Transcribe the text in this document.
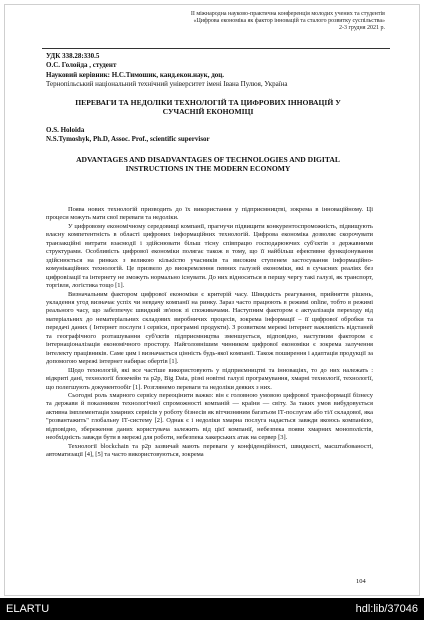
II міжнародна науково-практична конференція молодих учених та студентів
«Цифрова економіка як фактор інновацій та сталого розвитку суспільства»
2-3 грудня 2021 р.
УДК 338.28:330.5
О.С. Голойда , студент
Науковий керівник: Н.С.Тимошик, канд.екон.наук, доц.
Тернопільський національний технічний університет імені Івана Пулюя, Україна
ПЕРЕВАГИ ТА НЕДОЛІКИ ТЕХНОЛОГІЙ ТА ЦИФРОВИХ ІННОВАЦІЙ У
СУЧАСНІЙ ЕКОНОМІЦІ
O.S. Holoida
N.S.Tymoshyk, Ph.D, Assoc. Prof., scientific supervisor
ADVANTAGES AND DISADVANTAGES OF TECHNOLOGIES AND DIGITAL
INSTRUCTIONS IN THE MODERN ECONOMY

Поява нових технологій призводить до їх використання у підприємництві, зокрема в інноваційному. Ці процеси можуть мати свої переваги та недоліки.

У цифровому економічному середовищі компанії, прагнучи підвищити конкурентоспроможність, підвищують власну компетентність в області цифрових інформаційних технологій. Цифрова економіка дозволяє скорочувати транзакційні витрати взаємодії і здійснювати більш тісну співпрацю господарюючих суб'єктів з державними структурами. Особливість цифрової економіки полягає також в тому, що її найбільш ефективне функціонування здійснюється на ринках з великою кількістю учасників та високим ступенем застосування інформаційно-комунікаційних технологій. Це призвело до виокремлення певних галузей економіки, які в сучасних реаліях без цифровізації та інтернету не зможуть нормально існувати. До них відносяться в першу чергу такі галузі, як транспорт, торгівля, логістика тощо [1].

Визначальним фактором цифрової економіки є критерій часу. Швидкість реагування, прийняття рішень, укладення угод визначає успіх чи невдачу компанії на ринку. Зараз часто працюють в режимі online, тобто в режимі реального часу, що забезпечує швидкий зв'язок зі споживачами. Наступним фактором є актуалізація переходу від матеріальних до нематеріальних складових виробничих процесів, зокрема інформації – її цифрової обробки та передачі даних ( Інтернет послуги і сервіси, програмні продукти). З розвитком мережі інтернет важливість відстаней та географічного розташування суб'єктів підприємництва зменшується, відповідно, наступним фактором є інтернаціоналізація економічного простору. Найголовнішим чинником цифрової економіки є зокрема залучення інтелекту працівників. Саме цим і визначається цінність будь-якої компанії. Також поширення і адаптація продукції за допомогою мережі інтернет набирає обертів [1].

Щодо технологій, які все частіше використовують у підприємництві та інноваціях, то до них належать : відкриті дані, технології блокчейн та р2р, Big Data, різні новітні галузі програмування, хмарні технології, технології, що полегшують документообіг [1]. Розглянемо переваги та недоліки деяких з них.

Сьогодні роль хмарного сервісу переоцінити важко: він є головною умовою цифрової трансформації бізнесу та держави й показником технологічної спроможності компаній — країни — світу. За таких умов вибудовується активна імплементація хмарних сервісів у роботу бізнесів як вітчизняним багатьом ІТ-послугам або ті/ї складової, яка "розвантажить" глобальну ІТ-систему [2]. Однак є і недоліки хмарна послуга надається завжди якоюсь компанією, відповідно, збереження даних користувача залежить від цієї компанії, небезпека появи хмарних монополістів, необхідність завжди бути в мережі для роботи, небезпека хакерських атак на сервер [3].

Технології blockchain та р2р зазвичай мають переваги у конфіденційності, швидкості, масштабованості, автоматизації [4], [5] та часто використовуються, зокрема

104
ELARTU	hdl:lib/37046
